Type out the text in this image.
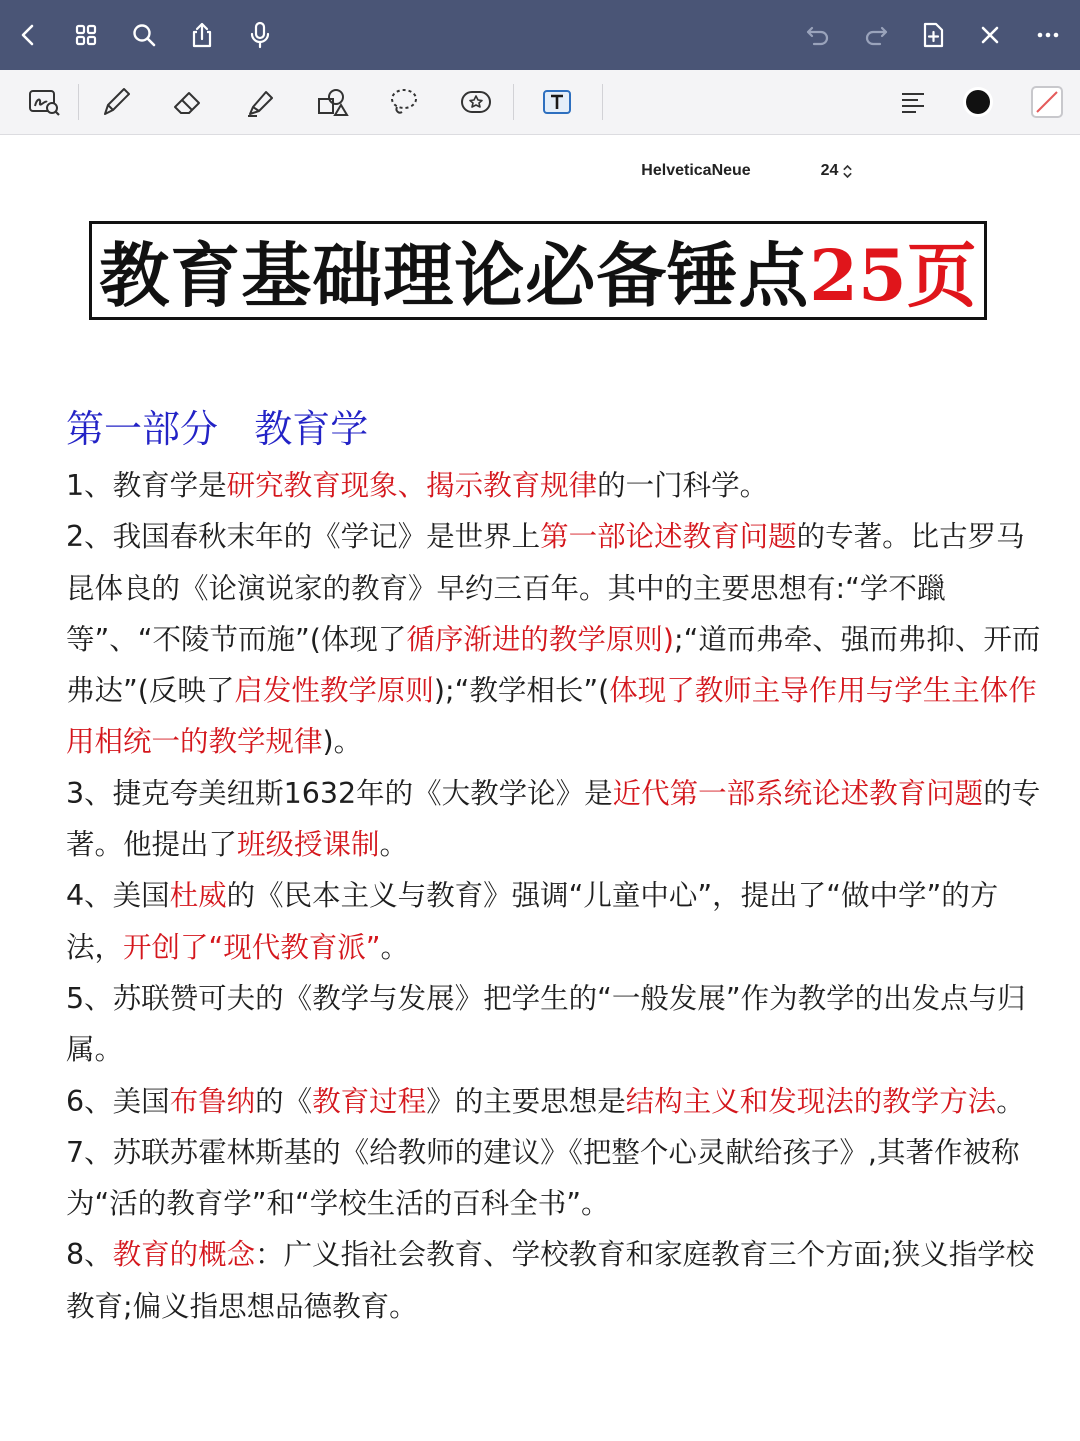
HelveticaNeue	24
教育基础理论必备锤点 25页
第一部分   教育学

1、教育学是研究教育现象、揭示教育规律的一门科学。

2、我国春秋末年的《学记》是世界上第一部论述教育问题的专著。比古罗马昆体良的《论演说家的教育》早约三百年。其中的主要思想有:“学不躐等”、“不陵节而施”(体现了循序渐进的教学原则);“道而弗牵、强而弗抑、开而弗达”(反映了启发性教学原则);“教学相长”(体现了教师主导作用与学生主体作用相统一的教学规律)。

3、捷克夸美纽斯1632年的《大教学论》是近代第一部系统论述教育问题的专著。他提出了班级授课制。

4、美国杜威的《民本主义与教育》强调“儿童中心”，提出了“做中学”的方法，开创了“现代教育派”。

5、苏联赞可夫的《教学与发展》把学生的“一般发展”作为教学的出发点与归属。

6、美国布鲁纳的《教育过程》的主要思想是结构主义和发现法的教学方法。

7、苏联苏霍林斯基的《给教师的建议》《把整个心灵献给孩子》,其著作被称为“活的教育学”和“学校生活的百科全书”。

8、教育的概念：广义指社会教育、学校教育和家庭教育三个方面;狭义指学校教育;偏义指思想品德教育。
